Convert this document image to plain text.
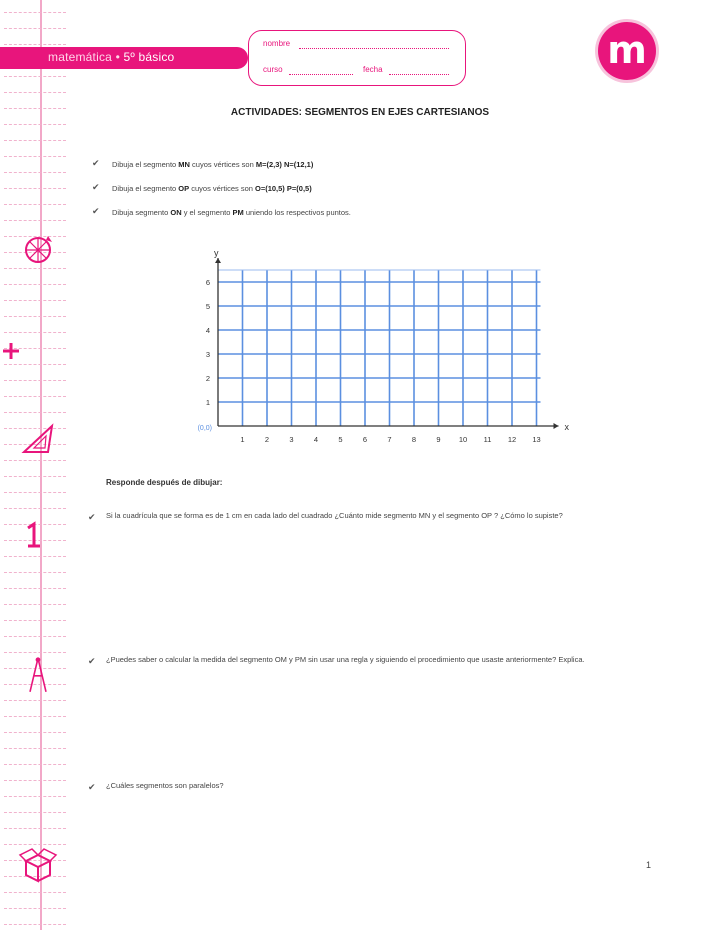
matemática • 5º básico
nombre
curso	fecha	m
ACTIVIDADES: SEGMENTOS EN EJES CARTESIANOS
✔ Dibuja el segmento MN cuyos vértices son M=(2,3) N=(12,1)
✔ Dibuja el segmento OP cuyos vértices son O=(10,5) P=(0,5)
✔ Dibuja segmento ON y el segmento PM uniendo los respectivos puntos.
1	2	3	4	5	6	7	8	9 10 11 12 13
1
2
3
4
5
6
x
y
(0,0)
Responde después de dibujar:
✔ Si la cuadrícula que se forma es de 1 cm en cada lado del cuadrado ¿Cuánto mide segmento MN y el segmento OP ? ¿Cómo lo supiste?
✔ ¿Puedes saber o calcular la medida del segmento OM y PM sin usar una regla y siguiendo el procedimiento que usaste anteriormente? Explica.
✔ ¿Cuáles segmentos son paralelos?
1
